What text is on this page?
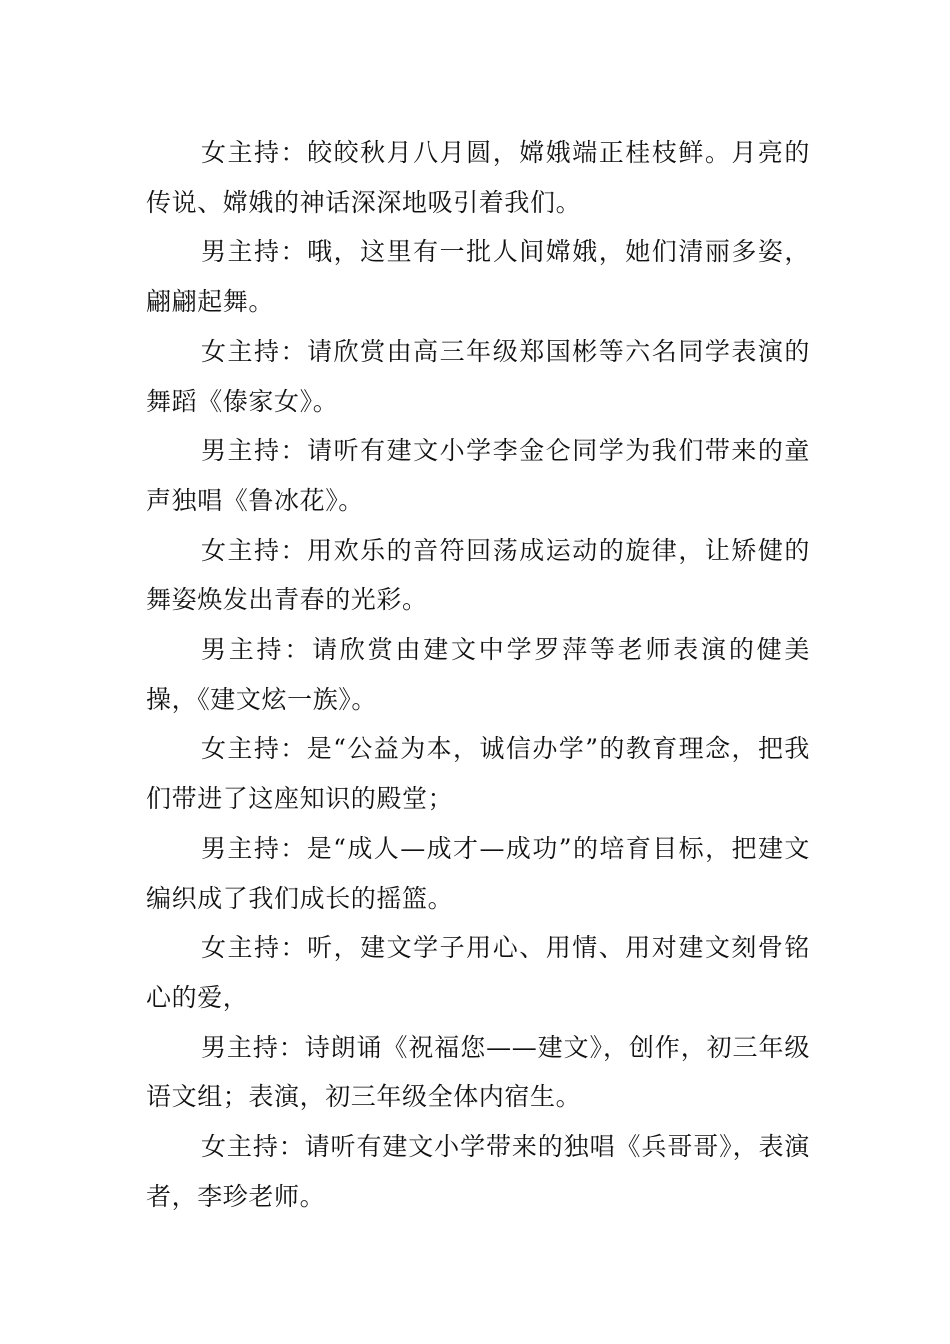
女主持：皎皎秋月八月圆，嫦娥端正桂枝鲜。月亮的传说、嫦娥的神话深深地吸引着我们。

男主持：哦，这里有一批人间嫦娥，她们清丽多姿，翩翩起舞。

女主持：请欣赏由高三年级郑国彬等六名同学表演的舞蹈《傣家女》。

男主持：请听有建文小学李金仑同学为我们带来的童声独唱《鲁冰花》。

女主持：用欢乐的音符回荡成运动的旋律，让矫健的舞姿焕发出青春的光彩。

男主持：请欣赏由建文中学罗萍等老师表演的健美操，《建文炫一族》。

女主持：是“公益为本，诚信办学”的教育理念，把我们带进了这座知识的殿堂；

男主持：是“成人—成才—成功”的培育目标，把建文编织成了我们成长的摇篮。

女主持：听，建文学子用心、用情、用对建文刻骨铭心的爱，

男主持：诗朗诵《祝福您——建文》，创作，初三年级语文组；表演，初三年级全体内宿生。

女主持：请听有建文小学带来的独唱《兵哥哥》，表演者，李珍老师。
